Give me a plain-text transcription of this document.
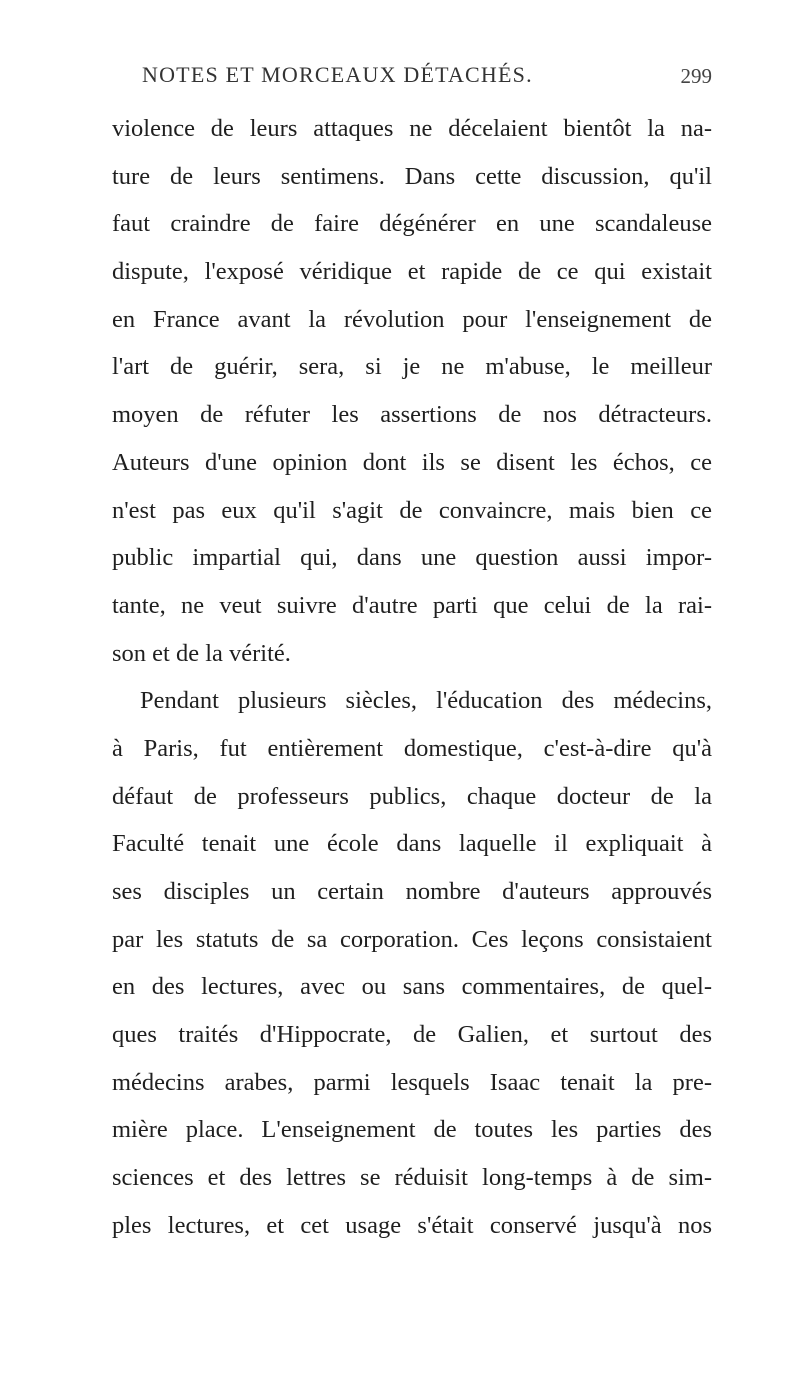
NOTES ET MORCEAUX DÉTACHÉS.	299
violence de leurs attaques ne décelaient bientôt la na-
ture de leurs sentimens. Dans cette discussion, qu'il
faut craindre de faire dégénérer en une scandaleuse
dispute, l'exposé véridique et rapide de ce qui existait
en France avant la révolution pour l'enseignement de
l'art de guérir, sera, si je ne m'abuse, le meilleur
moyen de réfuter les assertions de nos détracteurs.
Auteurs d'une opinion dont ils se disent les échos, ce
n'est pas eux qu'il s'agit de convaincre, mais bien ce
public impartial qui, dans une question aussi impor-
tante, ne veut suivre d'autre parti que celui de la rai-
son et de la vérité.
Pendant plusieurs siècles, l'éducation des médecins,
à Paris, fut entièrement domestique, c'est-à-dire qu'à
défaut de professeurs publics, chaque docteur de la
Faculté tenait une école dans laquelle il expliquait à
ses disciples un certain nombre d'auteurs approuvés
par les statuts de sa corporation. Ces leçons consistaient
en des lectures, avec ou sans commentaires, de quel-
ques traités d'Hippocrate, de Galien, et surtout des
médecins arabes, parmi lesquels Isaac tenait la pre-
mière place. L'enseignement de toutes les parties des
sciences et des lettres se réduisit long-temps à de sim-
ples lectures, et cet usage s'était conservé jusqu'à nos
